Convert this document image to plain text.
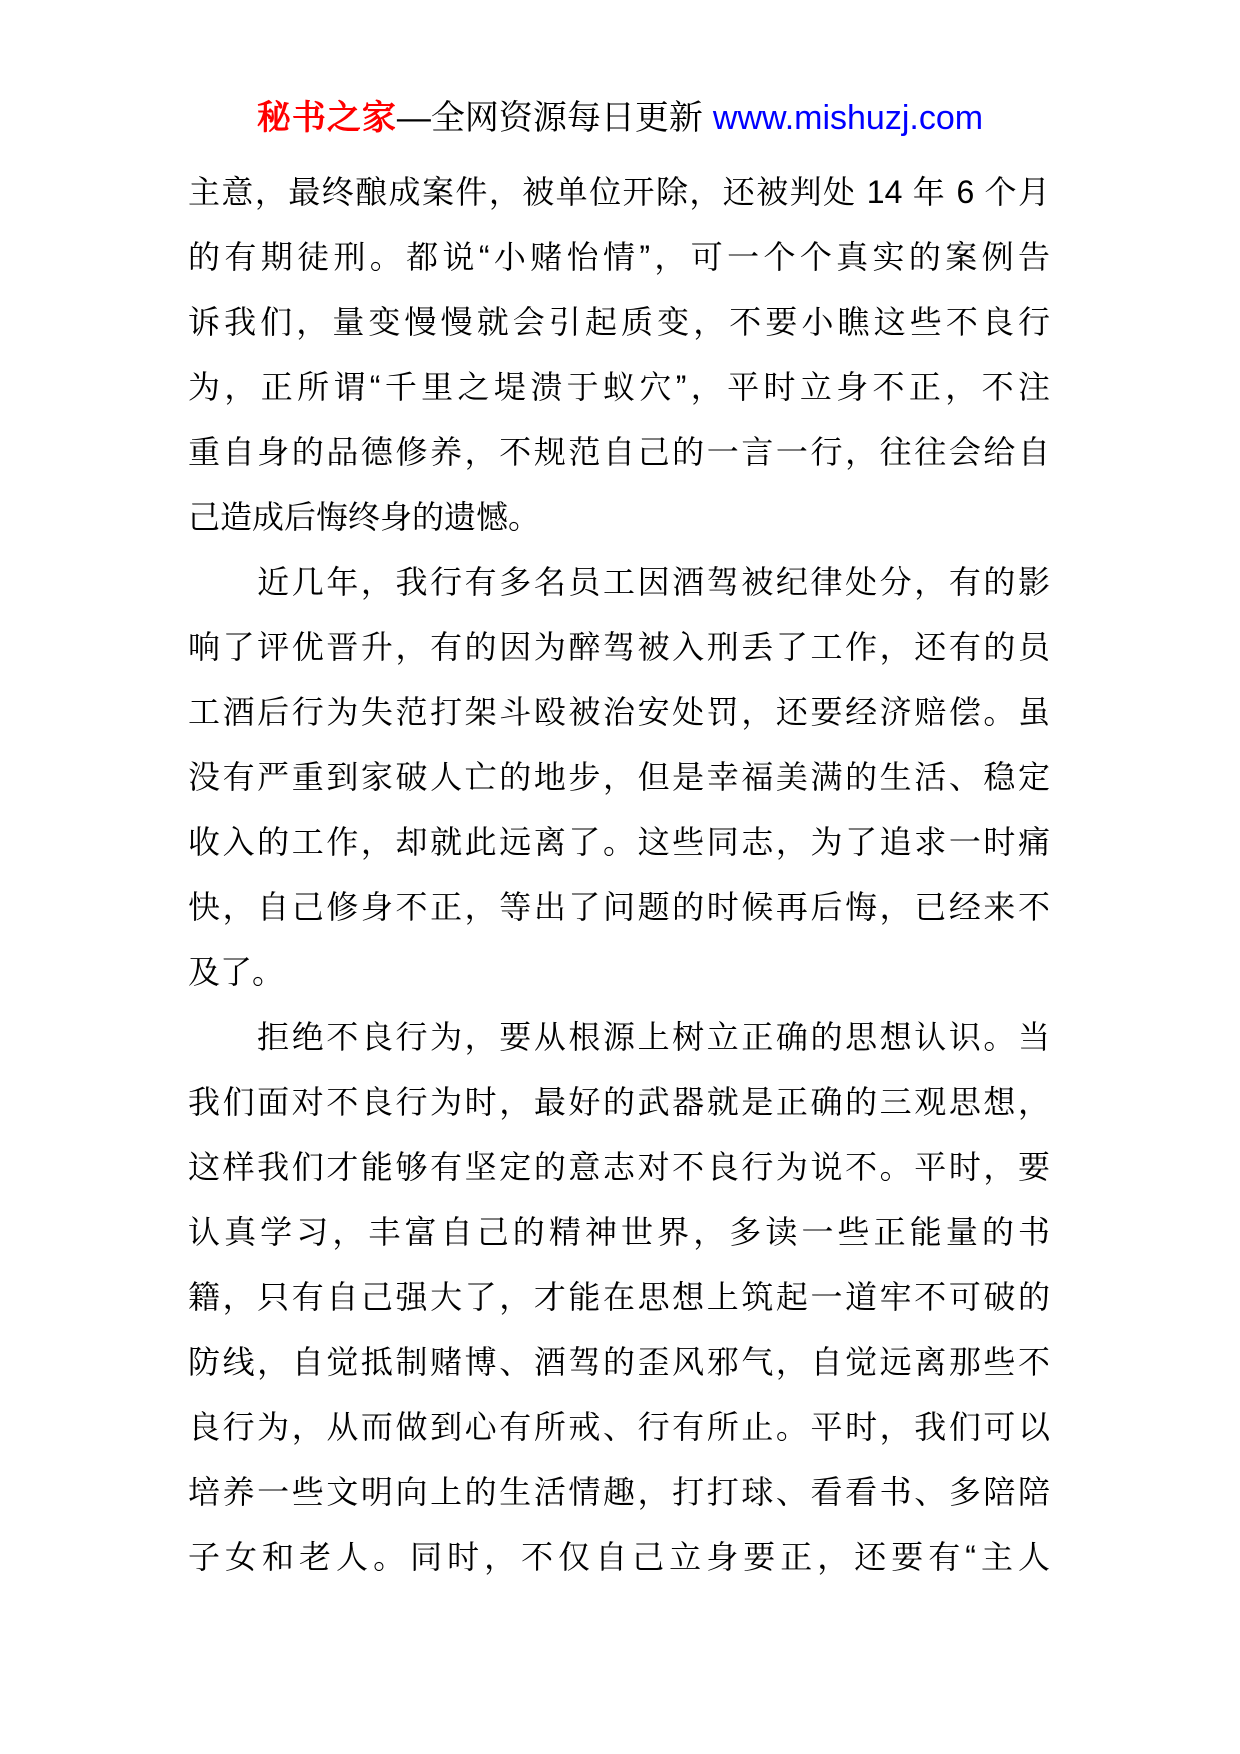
秘书之家—全网资源每日更新 www.mishuzj.com
主意，最终酿成案件，被单位开除，还被判处 14 年 6 个月
的有期徒刑。都说“小赌怡情”，可一个个真实的案例告
诉我们，量变慢慢就会引起质变，不要小瞧这些不良行
为，正所谓“千里之堤溃于蚁穴”，平时立身不正，不注
重自身的品德修养，不规范自己的一言一行，往往会给自
己造成后悔终身的遗憾。
　　近几年，我行有多名员工因酒驾被纪律处分，有的影
响了评优晋升，有的因为醉驾被入刑丢了工作，还有的员
工酒后行为失范打架斗殴被治安处罚，还要经济赔偿。虽
没有严重到家破人亡的地步，但是幸福美满的生活、稳定
收入的工作，却就此远离了。这些同志，为了追求一时痛
快，自己修身不正，等出了问题的时候再后悔，已经来不
及了。
　　拒绝不良行为，要从根源上树立正确的思想认识。当
我们面对不良行为时，最好的武器就是正确的三观思想，
这样我们才能够有坚定的意志对不良行为说不。平时，要
认真学习，丰富自己的精神世界，多读一些正能量的书
籍，只有自己强大了，才能在思想上筑起一道牢不可破的
防线，自觉抵制赌博、酒驾的歪风邪气，自觉远离那些不
良行为，从而做到心有所戒、行有所止。平时，我们可以
培养一些文明向上的生活情趣，打打球、看看书、多陪陪
子女和老人。同时，不仅自己立身要正，还要有“主人
